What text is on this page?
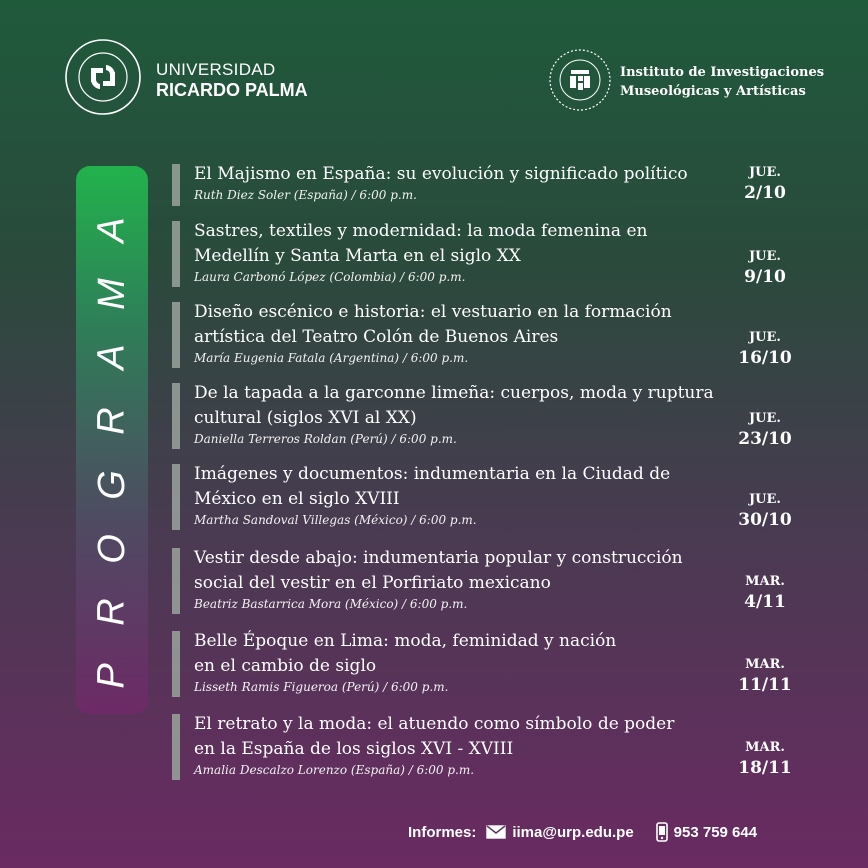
UNIVERSIDAD
RICARDO PALMA
Instituto de Investigaciones
Museológicas y Artísticas
A
M
A
R
G
O
R
P
El Majismo en España: su evolución y significado político
Ruth Diez Soler (España) / 6:00 p.m.
JUE.
2/10
Sastres, textiles y modernidad: la moda femenina en
Medellín y Santa Marta en el siglo XX
Laura Carbonó López (Colombia) / 6:00 p.m.
JUE.
9/10
Diseño escénico e historia: el vestuario en la formación
artística del Teatro Colón de Buenos Aires
María Eugenia Fatala (Argentina) / 6:00 p.m.
JUE.
16/10
De la tapada a la garconne limeña: cuerpos, moda y ruptura
cultural (siglos XVI al XX)
Daniella Terreros Roldan (Perú) / 6:00 p.m.
JUE.
23/10
Imágenes y documentos: indumentaria en la Ciudad de
México en el siglo XVIII
Martha Sandoval Villegas (México) / 6:00 p.m.
JUE.
30/10
Vestir desde abajo: indumentaria popular y construcción
social del vestir en el Porfiriato mexicano
Beatriz Bastarrica Mora (México) / 6:00 p.m.
MAR.
4/11
Belle Époque en Lima: moda, feminidad y nación
en el cambio de siglo
Lisseth Ramis Figueroa (Perú) / 6:00 p.m.
MAR.
11/11
El retrato y la moda: el atuendo como símbolo de poder
en la España de los siglos XVI - XVIII
Amalia Descalzo Lorenzo (España) / 6:00 p.m.
MAR.
18/11
Informes: iima@urp.edu.pe	953 759 644
